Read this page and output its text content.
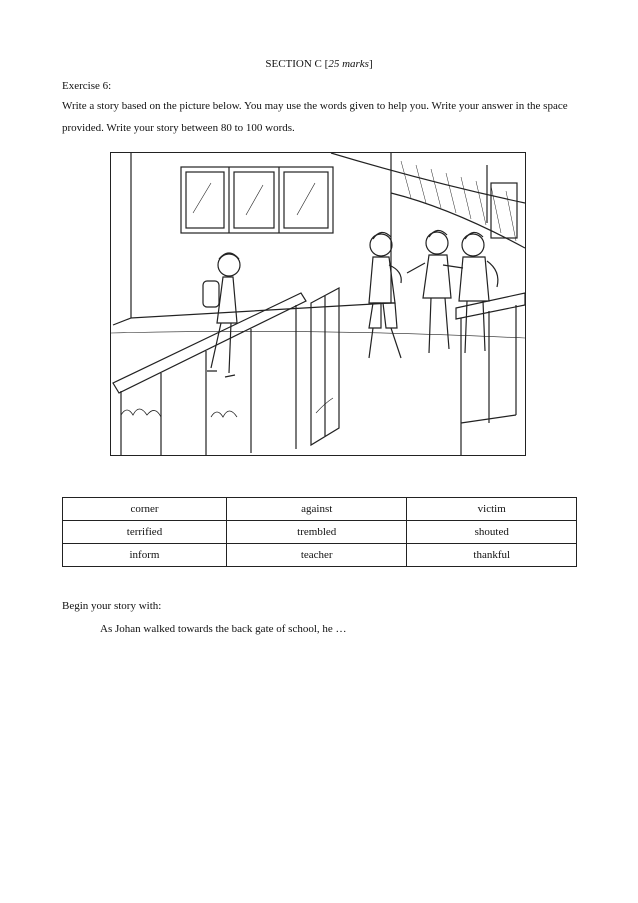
SECTION C [25 marks]
Exercise 6:
Write a story based on the picture below. You may use the words given to help you. Write your answer in the space provided. Write your story between 80 to 100 words.
corner	against	victim
terrified	trembled	shouted
inform	teacher	thankful
Begin your story with:
As Johan walked towards the back gate of school, he …
